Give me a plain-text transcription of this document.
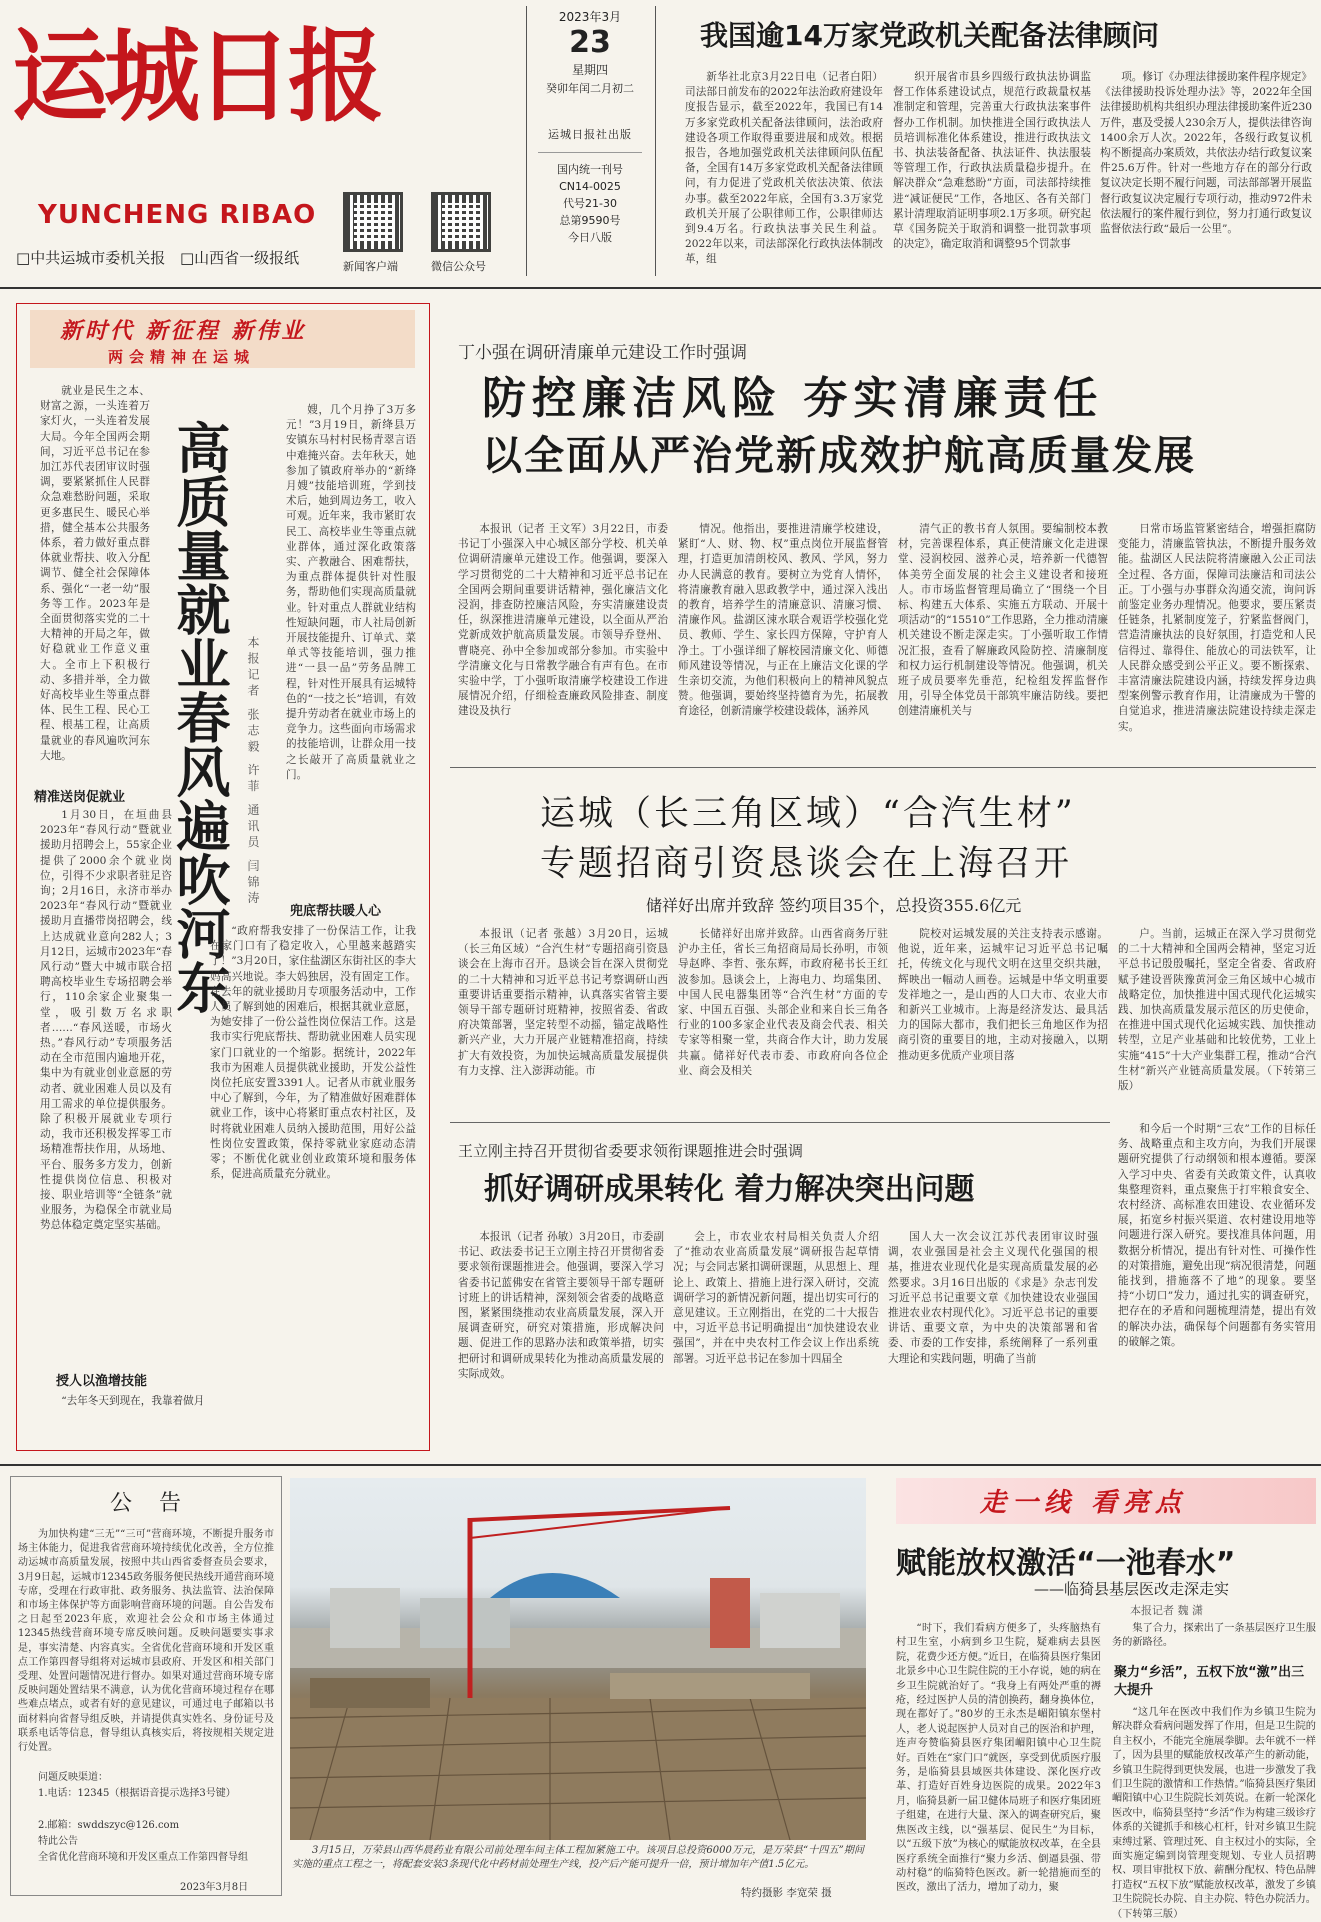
运城日报
YUNCHENG RIBAO
□中共运城市委机关报 □山西省一级报纸	新闻客户端	微信公众号
2023年3月
23
星期四
癸卯年闰二月初二
运城日报社出版
国内统一刊号
CN14-0025
代号21-30
总第9590号
今日八版
我国逾14万家党政机关配备法律顾问
新华社北京3月22日电（记者白阳）司法部日前发布的2022年法治政府建设年度报告显示，截至2022年，我国已有14万多家党政机关配备法律顾问，法治政府建设各项工作取得重要进展和成效。根据报告，各地加强党政机关法律顾问队伍配备，全国有14万多家党政机关配备法律顾问，有力促进了党政机关依法决策、依法办事。截至2022年底，全国有3.3万家党政机关开展了公职律师工作，公职律师达到9.4万名。行政执法事关民生利益。2022年以来，司法部深化行政执法体制改革，组
织开展省市县乡四级行政执法协调监督工作体系建设试点，规范行政裁量权基准制定和管理，完善重大行政执法案事件督办工作机制。加快推进全国行政执法人员培训标准化体系建设，推进行政执法文书、执法装备配备、执法证件、执法服装等管理工作，行政执法质量稳步提升。在解决群众“急难愁盼”方面，司法部持续推进“减证便民”工作，各地区、各有关部门累计清理取消证明事项2.1万多项。研究起草《国务院关于取消和调整一批罚款事项的决定》，确定取消和调整95个罚款事
项。修订《办理法律援助案件程序规定》《法律援助投诉处理办法》等，2022年全国法律援助机构共组织办理法律援助案件近230万件，惠及受援人230余万人，提供法律咨询1400余万人次。2022年，各级行政复议机构不断提高办案质效，共依法办结行政复议案件25.6万件。针对一些地方存在的部分行政复议决定长期不履行问题，司法部部署开展监督行政复议决定履行专项行动，推动972件未依法履行的案件履行到位，努力打通行政复议监督依法行政“最后一公里”。
新时代 新征程 新伟业
两会精神在运城
就业是民生之本、财富之源，一头连着万家灯火，一头连着发展大局。今年全国两会期间，习近平总书记在参加江苏代表团审议时强调，要紧紧抓住人民群众急难愁盼问题，采取更多惠民生、暖民心举措，健全基本公共服务体系，着力做好重点群体就业帮扶、收入分配调节、健全社会保障体系、强化“一老一幼”服务等工作。2023年是全面贯彻落实党的二十大精神的开局之年，做好稳就业工作意义重大。全市上下积极行动、多措并举，全力做好高校毕业生等重点群体、民生工程、民心工程、根基工程，让高质量就业的春风遍吹河东大地。
精准送岗促就业
1月30日，在垣曲县2023年“春风行动”暨就业援助月招聘会上，55家企业提供了2000余个就业岗位，引得不少求职者驻足咨询；2月16日，永济市举办2023年“春风行动”暨就业援助月直播带岗招聘会，线上达成就业意向282人；3月12日，运城市2023年“春风行动”暨大中城市联合招聘高校毕业生专场招聘会举行，110余家企业聚集一堂，吸引数万名求职者……“春风送暖，市场火热。”春风行动”专项服务活动在全市范围内遍地开花，集中为有就业创业意愿的劳动者、就业困难人员以及有用工需求的单位提供服务。除了积极开展就业专项行动，我市还积极发挥零工市场精准帮扶作用，从场地、平台、服务多方发力，创新性提供岗位信息、积极对接、职业培训等“全链条”就业服务，为稳保全市就业局势总体稳定奠定坚实基础。
授人以渔增技能
“去年冬天到现在，我靠着做月
高质量就业春风遍吹河东 本报记者 张志毅 许菲 通讯员 闫锦涛
嫂，几个月挣了3万多元！”3月19日，新绛县万安镇东马村村民杨青翠言语中难掩兴奋。去年秋天，她参加了镇政府举办的“新绛月嫂”技能培训班，学到技术后，她到周边务工，收入可观。近年来，我市紧盯农民工、高校毕业生等重点就业群体，通过深化政策落实、产教融合、困难帮扶，为重点群体提供针对性服务，帮助他们实现高质量就业。针对重点人群就业结构性短缺问题，市人社局创新开展技能提升、订单式、菜单式等技能培训，强力推进“一县一品”劳务品牌工程，针对性开展具有运城特色的“一技之长”培训，有效提升劳动者在就业市场上的竞争力。这些面向市场需求的技能培训，让群众用一技之长敲开了高质量就业之门。
兜底帮扶暖人心
“政府帮我安排了一份保洁工作，让我在家门口有了稳定收入，心里越来越踏实了！”3月20日，家住盐湖区东街社区的李大妈高兴地说。李大妈独居，没有固定工作。在去年的就业援助月专项服务活动中，工作人员了解到她的困难后，根据其就业意愿，为她安排了一份公益性岗位保洁工作。这是我市实行兜底帮扶、帮助就业困难人员实现家门口就业的一个缩影。据统计，2022年我市为困难人员提供就业援助，开发公益性岗位托底安置3391人。记者从市就业服务中心了解到，今年，为了精准做好困难群体就业工作，该中心将紧盯重点农村社区，及时将就业困难人员纳入援助范围，用好公益性岗位安置政策，保持零就业家庭动态清零；不断优化就业创业政策环境和服务体系，促进高质量充分就业。
丁小强在调研清廉单元建设工作时强调
防控廉洁风险 夯实清廉责任
以全面从严治党新成效护航高质量发展
本报讯（记者 王文军）3月22日，市委书记丁小强深入中心城区部分学校、机关单位调研清廉单元建设工作。他强调，要深入学习贯彻党的二十大精神和习近平总书记在全国两会期间重要讲话精神，强化廉洁文化浸润，排查防控廉洁风险，夯实清廉建设责任，纵深推进清廉单元建设，以全面从严治党新成效护航高质量发展。市领导乔登州、曹晓亮、孙中全参加或部分参加。市实验中学清廉文化与日常教学融合有声有色。在市实验中学，丁小强听取清廉学校建设工作进展情况介绍，仔细检查廉政风险排查、制度建设及执行
情况。他指出，要推进清廉学校建设，紧盯“人、财、物、权”重点岗位开展监督管理，打造更加清朗校风、教风、学风，努力办人民满意的教育。要树立为党育人情怀，将清廉教育融入思政教学中，通过深入浅出的教育，培养学生的清廉意识、清廉习惯、清廉作风。盐湖区涑水联合观语学校强化党员、教师、学生、家长四方保障，守护育人净土。丁小强详细了解校园清廉文化、师德师风建设等情况，与正在上廉洁文化课的学生亲切交流，为他们积极向上的精神风貌点赞。他强调，要始终坚持德育为先，拓展教育途径，创新清廉学校建设载体，涵养风
清气正的教书育人氛围。要编制校本教材，完善课程体系，真正使清廉文化走进课堂、浸润校园、滋养心灵，培养新一代德智体美劳全面发展的社会主义建设者和接班人。市市场监督管理局确立了“围绕一个目标、构建五大体系、实施五方联动、开展十项活动”的“15510”工作思路，全力推动清廉机关建设不断走深走实。丁小强听取工作情况汇报，查看了解廉政风险防控、清廉制度和权力运行机制建设等情况。他强调，机关班子成员要率先垂范，纪检组发挥监督作用，引导全体党员干部筑牢廉洁防线。要把创建清廉机关与
日常市场监管紧密结合，增强拒腐防变能力，清廉监管执法，不断提升服务效能。盐湖区人民法院将清廉融入公正司法全过程、各方面，保障司法廉洁和司法公正。丁小强与办事群众沟通交流，询问诉前鉴定业务办理情况。他要求，要压紧责任链条，扎紧制度笼子，狞紧监督阀门，营造清廉执法的良好氛围，打造党和人民信得过、靠得住、能放心的司法铁军，让人民群众感受到公平正义。要不断探索、丰富清廉法院建设内涵，持续发挥身边典型案例警示教育作用，让清廉成为干警的自觉追求，推进清廉法院建设持续走深走实。
运城（长三角区域）“合汽生材”
专题招商引资恳谈会在上海召开
储祥好出席并致辞 签约项目35个，总投资355.6亿元
本报讯（记者 张越）3月20日，运城（长三角区域）“合汽生材”专题招商引资恳谈会在上海市召开。恳谈会旨在深入贯彻党的二十大精神和习近平总书记考察调研山西重要讲话重要指示精神，认真落实省管主要领导干部专题研讨班精神，按照省委、省政府决策部署，坚定转型不动摇，锚定战略性新兴产业，大力开展产业链精准招商，持续扩大有效投资，为加快运城高质量发展提供有力支撑、注入澎湃动能。市
长储祥好出席并致辞。山西省商务厅驻沪办主任，省长三角招商局局长孙明，市领导赵晔、李哲、张东辉，市政府秘书长王红波参加。恳谈会上，上海电力、均瑶集团、中国人民电器集团等“合汽生材”方面的专家、中国五百强、头部企业和来自长三角各行业的100多家企业代表及商会代表、相关专家等相聚一堂，共商合作大计，助力发展共赢。储祥好代表市委、市政府向各位企业、商会及相关
院校对运城发展的关注支持表示感谢。他说，近年来，运城牢记习近平总书记嘱托，传统文化与现代文明在这里交织共融，辉映出一幅动人画卷。运城是中华文明重要发祥地之一，是山西的人口大市、农业大市和新兴工业城市。上海是经济发达、最具活力的国际大都市，我们把长三角地区作为招商引资的重要目的地，主动对接融入，以期推动更多优质产业项目落
户。当前，运城正在深入学习贯彻党的二十大精神和全国两会精神，坚定习近平总书记殷殷嘱托，坚定全省委、省政府赋予建设晋陕豫黄河金三角区域中心城市战略定位，加快推进中国式现代化运城实践、加快高质量发展示范区的历史使命，在推进中国式现代化运城实践、加快推动转型，立足产业基础和比较优势，工业上实施“415”十大产业集群工程，推动“合汽生材”新兴产业链高质量发展。（下转第三版）
王立刚主持召开贯彻省委要求领衔课题推进会时强调
抓好调研成果转化 着力解决突出问题
本报讯（记者 孙敏）3月20日，市委副书记、政法委书记王立刚主持召开贯彻省委要求领衔课题推进会。他强调，要深入学习省委书记蓝佛安在省管主要领导干部专题研讨班上的讲话精神，深刻领会省委的战略意图，紧紧围绕推动农业高质量发展，深入开展调查研究，研究对策措施，形成解决问题、促进工作的思路办法和政策举措，切实把研讨和调研成果转化为推动高质量发展的实际成效。
会上，市农业农村局相关负责人介绍了“推动农业高质量发展”调研报告起草情况；与会同志紧扣调研课题，从思想上、理论上、政策上、措施上进行深入研讨，交流调研学习的新情况新问题，提出切实可行的意见建议。王立刚指出，在党的二十大报告中，习近平总书记明确提出“加快建设农业强国”，并在中央农村工作会议上作出系统部署。习近平总书记在参加十四届全
国人大一次会议江苏代表团审议时强调，农业强国是社会主义现代化强国的根基，推进农业现代化是实现高质量发展的必然要求。3月16日出版的《求是》杂志刊发习近平总书记重要文章《加快建设农业强国 推进农业农村现代化》。习近平总书记的重要讲话、重要文章，为中央的决策部署和省委、市委的工作安排，系统阐释了一系列重大理论和实践问题，明确了当前
和今后一个时期“三农”工作的目标任务、战略重点和主攻方向，为我们开展课题研究提供了行动纲领和根本遵循。要深入学习中央、省委有关政策文件，认真收集整理资料，重点聚焦于打牢粮食安全、农村经济、高标准农田建设、农业循环发展，拓宽乡村振兴渠道、农村建设用地等问题进行深入研究。要找准具体问题，用数据分析情况，提出有针对性、可操作性的对策措施，避免出现“病况很清楚，问题能找到，措施落不了地”的现象。要坚持“小切口”发力，通过扎实的调查研究，把存在的矛盾和问题梳理清楚，提出有效的解决办法，确保每个问题都有务实管用的破解之策。
公 告
为加快构建“三无”“三可”营商环境，不断提升服务市场主体能力，促进我省营商环境持续优化改善，全方位推动运城市高质量发展，按照中共山西省委督查员会要求，3月9日起，运城市12345政务服务便民热线开通营商环境专席，受理在行政审批、政务服务、执法监管、法治保障和市场主体保护等方面影响营商环境的问题。自公告发布之日起至2023年底，欢迎社会公众和市场主体通过12345热线营商环境专席反映问题。反映问题要实事求是，事实清楚、内容真实。全省优化营商环境和开发区重点工作第四督导组将对运城市县政府、开发区和相关部门受理、处置问题情况进行督办。如果对通过营商环境专席反映问题处置结果不满意，认为优化营商环境过程存在哪些难点堵点，或者有好的意见建议，可通过电子邮箱以书面材料向省督导组反映，并请提供真实姓名、身份证号及联系电话等信息，督导组认真核实后，将按规相关规定进行处置。
问题反映渠道：
1.电话：12345（根据语音提示选择3号键）
2.邮箱：swddszyc@126.com
特此公告
全省优化营商环境和开发区重点工作第四督导组
2023年3月8日
3月15日，万荣县山西华晨药业有限公司前处理车间主体工程加紧施工中。该项目总投资6000万元，是万荣县“十四五”期间实施的重点工程之一，将配套安装3条现代化中药材前处理生产线，投产后产能可提升一倍，预计增加年产值1.5亿元。
特约摄影 李宽荣 摄
走一线 看亮点
赋能放权激活“一池春水”
——临猗县基层医改走深走实
本报记者 魏 潇
“时下，我们看病方便多了，头疼脑热有村卫生室，小病到乡卫生院，疑难病去县医院，花费少还方便。”近日，在临猗县医疗集团北景乡中心卫生院住院的王小存说，她的病在乡卫生院就治好了。“我身上有两处严重的褥疮，经过医护人员的清创换药，翻身换体位，现在都好了。”80岁的王永杰是嵋阳镇东堡村人，老人说起医护人员对自己的医治和护理，连声夸赞临猗县医疗集团嵋阳镇中心卫生院好。百姓在“家门口”就医，享受到优质医疗服务，是临猗县县域医共体建设、深化医疗改革、打造好百姓身边医院的成果。2022年3月，临猗县新一届卫健体局班子和医疗集团班子组建，在进行大量、深入的调查研究后，聚焦医改主线，以“强基层、促民生”为目标，以“五级下放”为核心的赋能放权改革，在全县医疗系统全面推行“聚力乡活、倒逼县强、带动村稳”的临猗特色医改。新一轮措施而至的医改，激出了活力，增加了动力，聚
集了合力，探索出了一条基层医疗卫生服务的新路径。
聚力“乡活”，五权下放“激”出三大提升
“这几年在医改中我们作为乡镇卫生院为解决群众看病问题发挥了作用，但是卫生院的自主权小，不能完全施展拳脚。去年就不一样了，因为县里的赋能放权改革产生的新动能，乡镇卫生院得到更快发展，也进一步激发了我们卫生院的激情和工作热情。”临猗县医疗集团嵋阳镇中心卫生院院长刘英说。在新一轮深化医改中，临猗县坚持“乡活”作为构建三级诊疗体系的关键抓手和核心杠杆，针对乡镇卫生院束缚过紧、管理过死、自主权过小的实际，全面实施定编到岗管理变规划、专业人员招聘权、项目审批权下放、薪酬分配权、特色品牌打造权“五权下放”赋能放权改革，激发了乡镇卫生院院长办院、自主办院、特色办院活力。（下转第三版）
